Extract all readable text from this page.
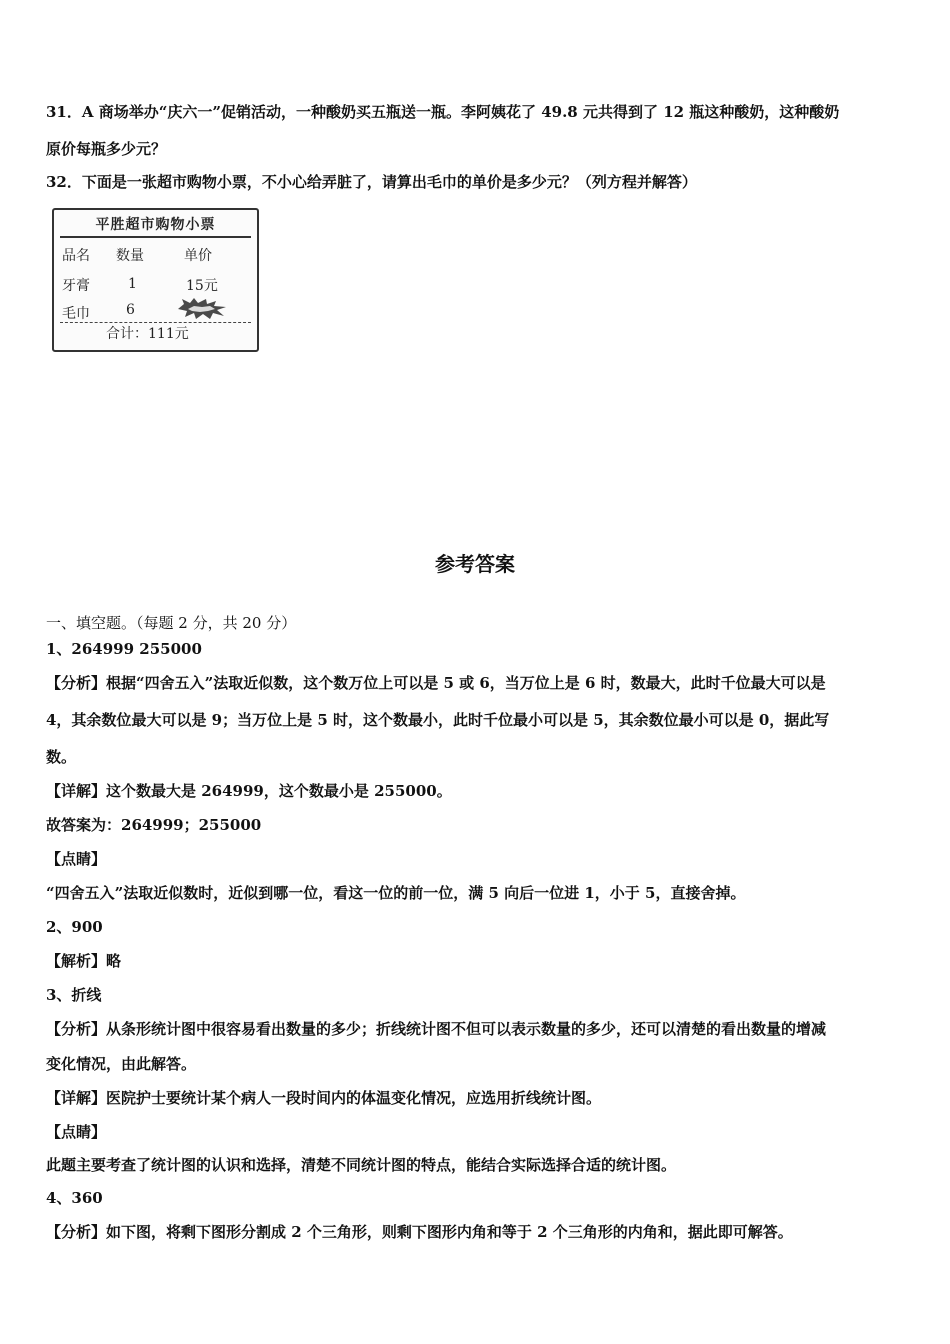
31．A 商场举办“庆六一”促销活动，一种酸奶买五瓶送一瓶。李阿姨花了 49.8 元共得到了 12 瓶这种酸奶，这种酸奶
原价每瓶多少元？
32．下面是一张超市购物小票，不小心给弄脏了，请算出毛巾的单价是多少元？（列方程并解答）
平胜超市购物小票
品名 数量	单价
牙膏	1	15元
毛巾	6
合计：111元
参考答案
一、填空题。（每题 2 分，共 20 分）
1、264999 255000
【分析】根据“四舍五入”法取近似数，这个数万位上可以是 5 或 6，当万位上是 6 时，数最大，此时千位最大可以是
4，其余数位最大可以是 9；当万位上是 5 时，这个数最小，此时千位最小可以是 5，其余数位最小可以是 0，据此写
数。
【详解】这个数最大是 264999，这个数最小是 255000。
故答案为：264999；255000
【点睛】
“四舍五入”法取近似数时，近似到哪一位，看这一位的前一位，满 5 向后一位进 1，小于 5，直接舍掉。
2、900
【解析】略
3、折线
【分析】从条形统计图中很容易看出数量的多少；折线统计图不但可以表示数量的多少，还可以清楚的看出数量的增减
变化情况，由此解答。
【详解】医院护士要统计某个病人一段时间内的体温变化情况，应选用折线统计图。
【点睛】
此题主要考查了统计图的认识和选择，清楚不同统计图的特点，能结合实际选择合适的统计图。
4、360
【分析】如下图，将剩下图形分割成 2 个三角形，则剩下图形内角和等于 2 个三角形的内角和，据此即可解答。
